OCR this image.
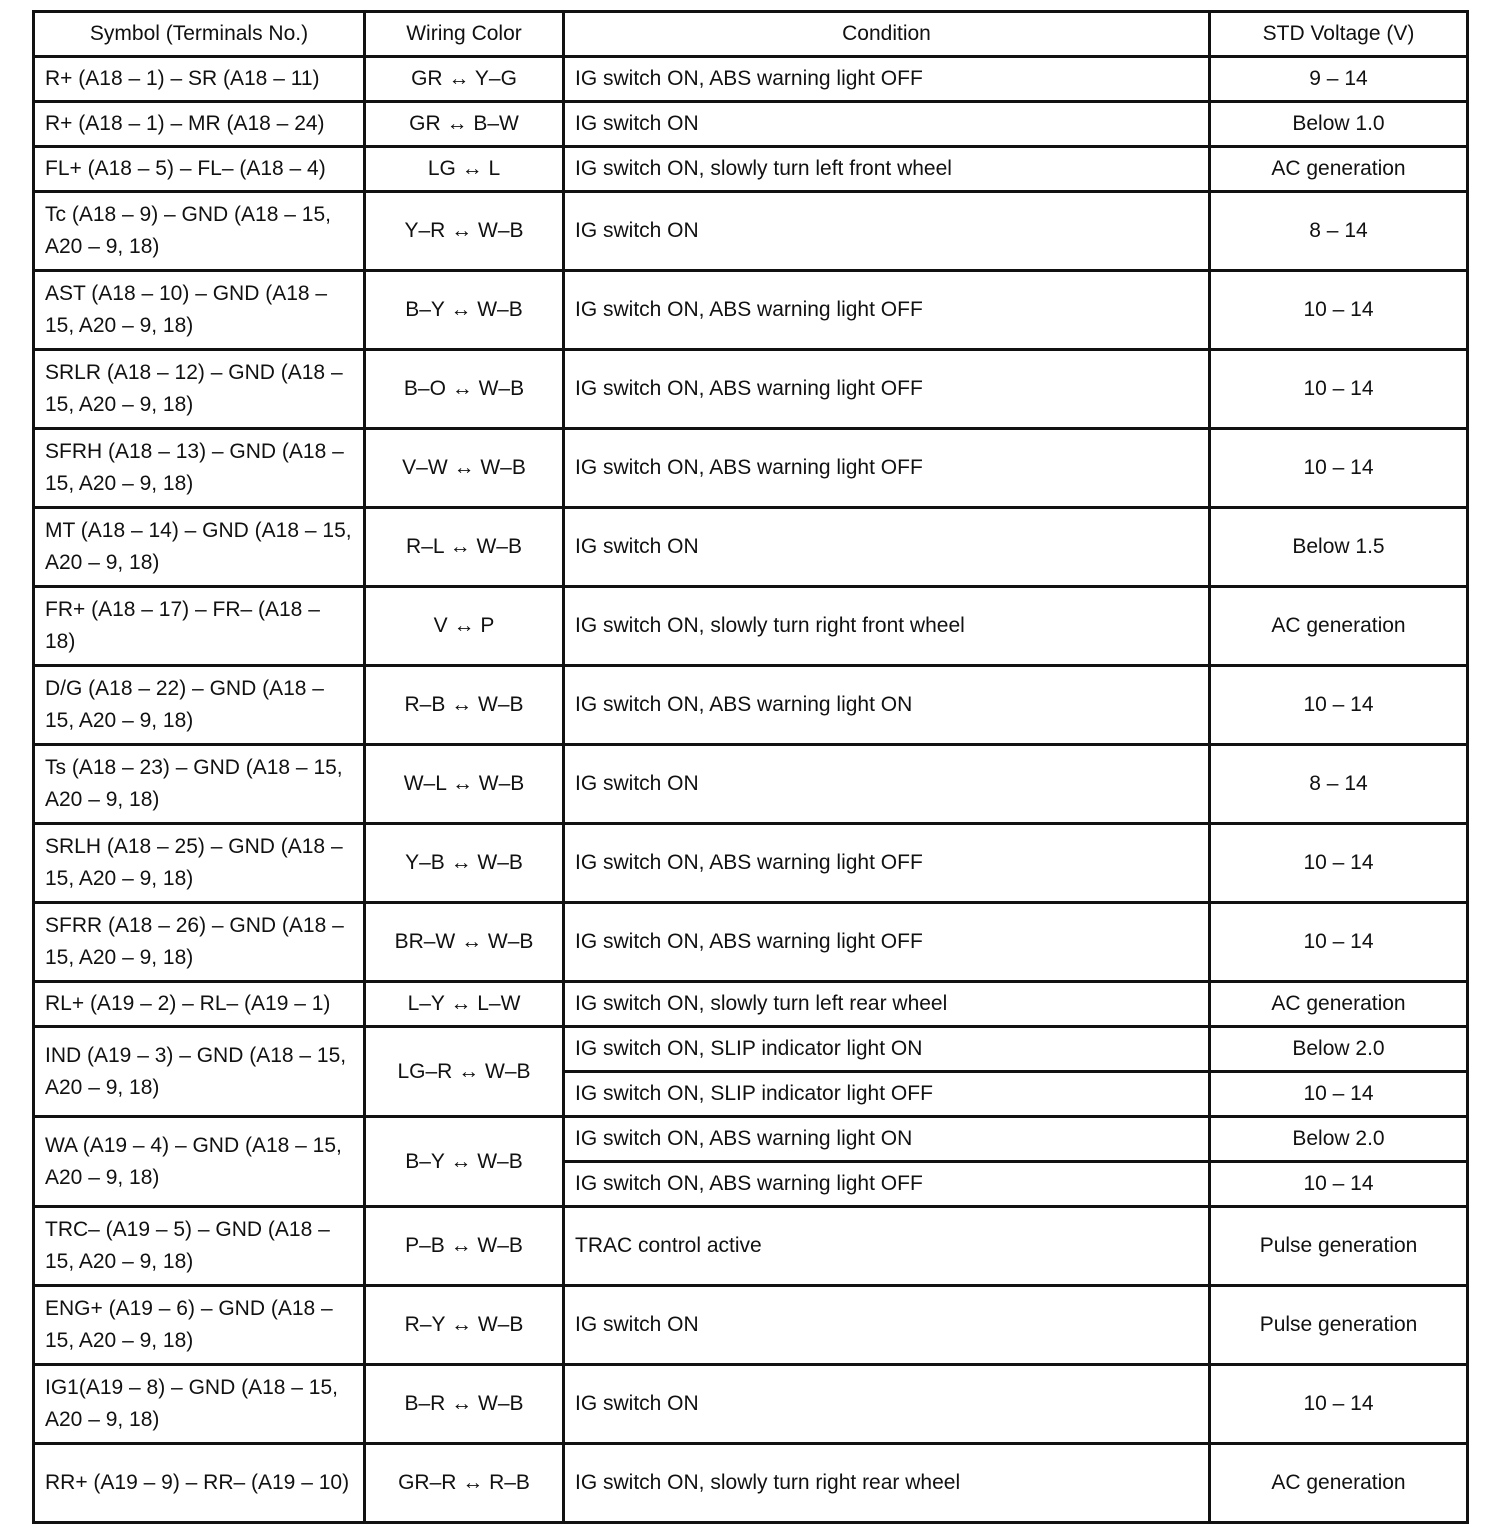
Symbol (Terminals No.)	Wiring Color	Condition	STD Voltage (V)
R+ (A18 – 1) – SR (A18 – 11)	GR ↔ Y–G	IG switch ON, ABS warning light OFF	9 – 14
R+ (A18 – 1) – MR (A18 – 24)	GR ↔ B–W	IG switch ON	Below 1.0
FL+ (A18 – 5) – FL– (A18 – 4)	LG ↔ L	IG switch ON, slowly turn left front wheel	AC generation
Tc (A18 – 9) – GND (A18 – 15, A20 – 9, 18)	Y–R ↔ W–B	IG switch ON	8 – 14
AST (A18 – 10) – GND (A18 – 15, A20 – 9, 18)	B–Y ↔ W–B	IG switch ON, ABS warning light OFF	10 – 14
SRLR (A18 – 12) – GND (A18 – 15, A20 – 9, 18)	B–O ↔ W–B	IG switch ON, ABS warning light OFF	10 – 14
SFRH (A18 – 13) – GND (A18 – 15, A20 – 9, 18)	V–W ↔ W–B	IG switch ON, ABS warning light OFF	10 – 14
MT (A18 – 14) – GND (A18 – 15, A20 – 9, 18)	R–L ↔ W–B	IG switch ON	Below 1.5
FR+ (A18 – 17) – FR– (A18 – 18)	V ↔ P	IG switch ON, slowly turn right front wheel	AC generation
D/G (A18 – 22) – GND (A18 – 15, A20 – 9, 18)	R–B ↔ W–B	IG switch ON, ABS warning light ON	10 – 14
Ts (A18 – 23) – GND (A18 – 15, A20 – 9, 18)	W–L ↔ W–B	IG switch ON	8 – 14
SRLH (A18 – 25) – GND (A18 – 15, A20 – 9, 18)	Y–B ↔ W–B	IG switch ON, ABS warning light OFF	10 – 14
SFRR (A18 – 26) – GND (A18 – 15, A20 – 9, 18)	BR–W ↔ W–B	IG switch ON, ABS warning light OFF	10 – 14
RL+ (A19 – 2) – RL– (A19 – 1)	L–Y ↔ L–W	IG switch ON, slowly turn left rear wheel	AC generation
IND (A19 – 3) – GND (A18 – 15, A20 – 9, 18)	LG–R ↔ W–B	IG switch ON, SLIP indicator light ON	Below 2.0
		IG switch ON, SLIP indicator light OFF	10 – 14
WA (A19 – 4) – GND (A18 – 15, A20 – 9, 18)	B–Y ↔ W–B	IG switch ON, ABS warning light ON	Below 2.0
		IG switch ON, ABS warning light OFF	10 – 14
TRC– (A19 – 5) – GND (A18 – 15, A20 – 9, 18)	P–B ↔ W–B	TRAC control active	Pulse generation
ENG+ (A19 – 6) – GND (A18 – 15, A20 – 9, 18)	R–Y ↔ W–B	IG switch ON	Pulse generation
IG1(A19 – 8) – GND (A18 – 15, A20 – 9, 18)	B–R ↔ W–B	IG switch ON	10 – 14
RR+ (A19 – 9) – RR– (A19 – 10)	GR–R ↔ R–B	IG switch ON, slowly turn right rear wheel	AC generation
